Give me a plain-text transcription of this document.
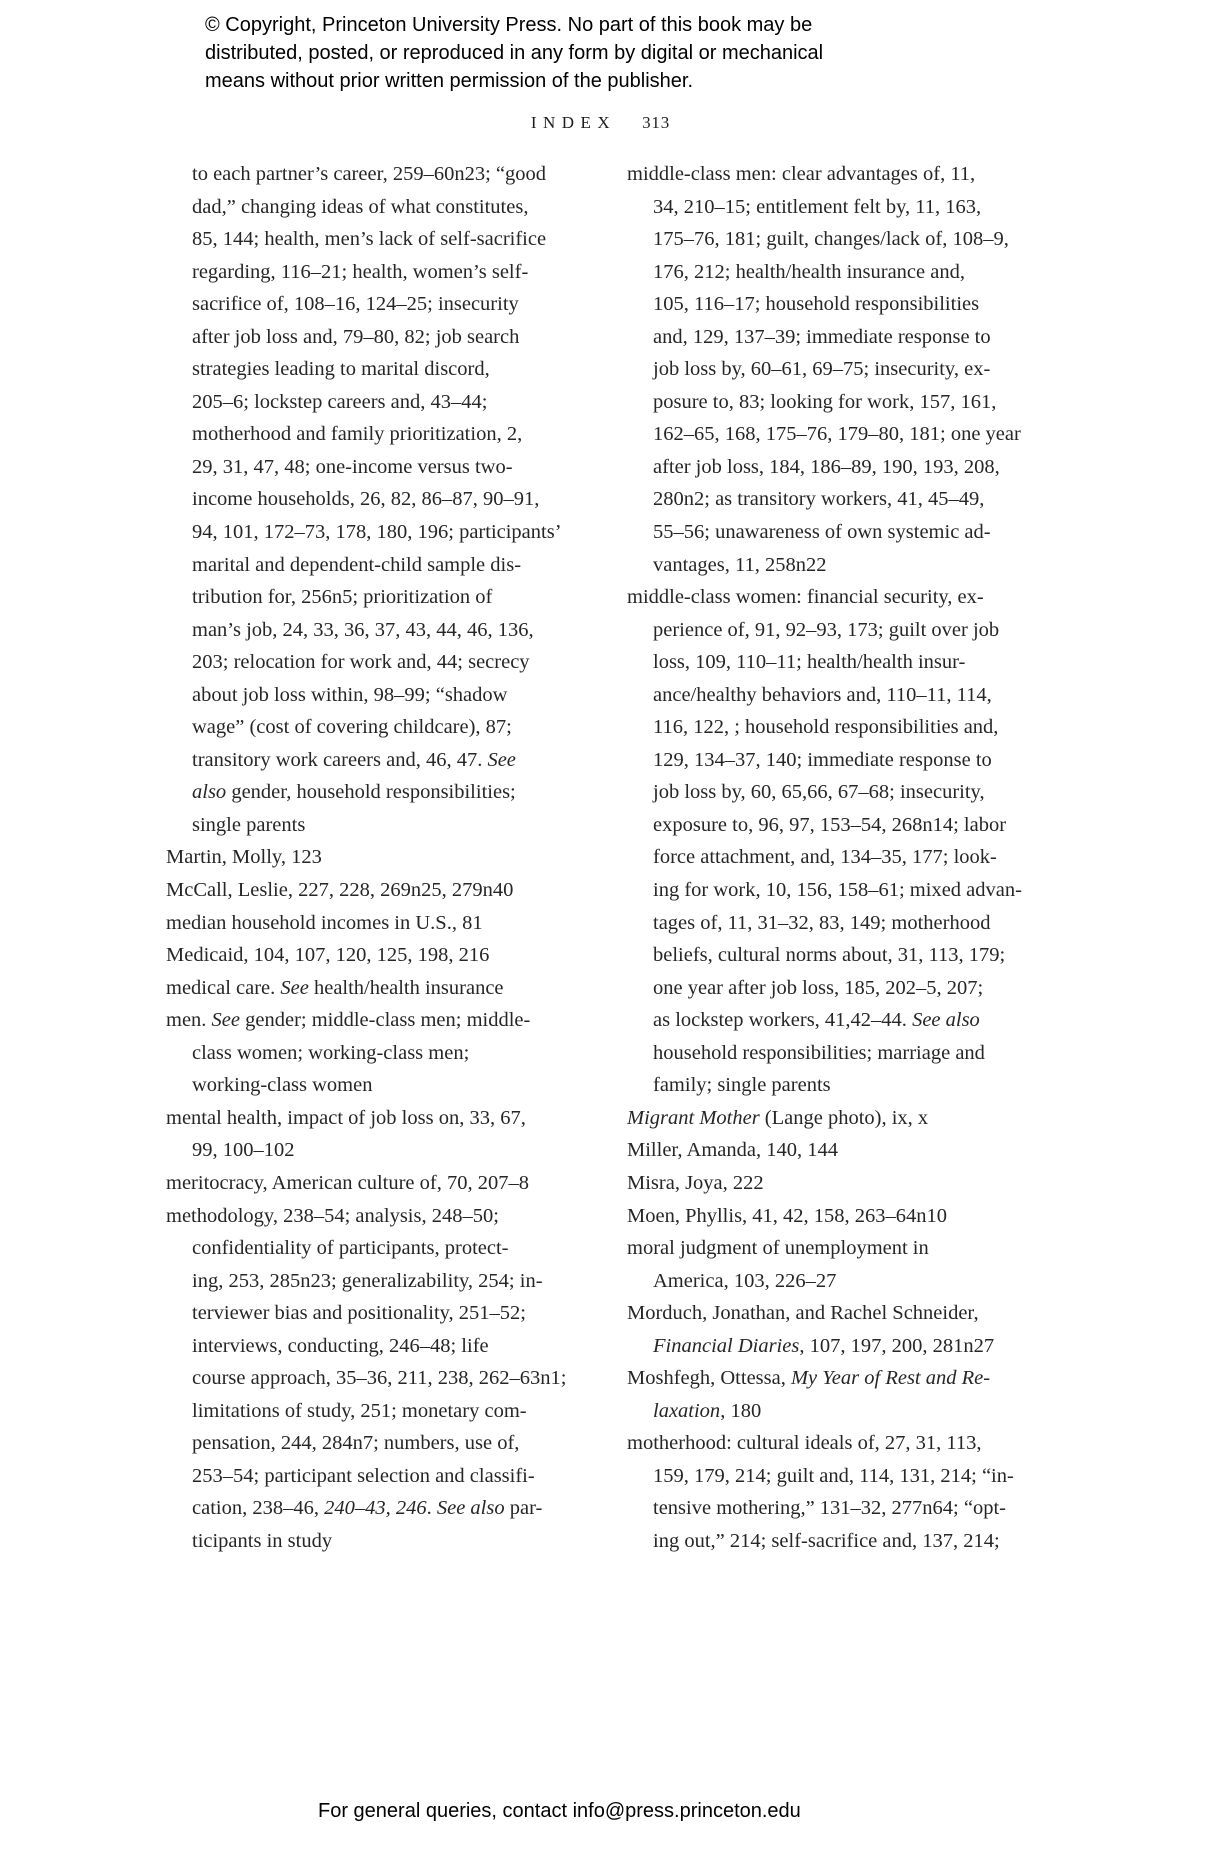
© Copyright, Princeton University Press. No part of this book may be
distributed, posted, or reproduced in any form by digital or mechanical
means without prior written permission of the publisher.
INDEX 313
to each partner’s career, 259–60n23; “good
dad,” changing ideas of what constitutes,
85, 144; health, men’s lack of self-sacrifice
regarding, 116–21; health, women’s self-
sacrifice of, 108–16, 124–25; insecurity
after job loss and, 79–80, 82; job search
strategies leading to marital discord,
205–6; lockstep careers and, 43–44;
motherhood and family prioritization, 2,
29, 31, 47, 48; one-income versus two-
income households, 26, 82, 86–87, 90–91,
94, 101, 172–73, 178, 180, 196; participants’
marital and dependent-child sample dis-
tribution for, 256n5; prioritization of
man’s job, 24, 33, 36, 37, 43, 44, 46, 136,
203; relocation for work and, 44; secrecy
about job loss within, 98–99; “shadow
wage” (cost of covering childcare), 87;
transitory work careers and, 46, 47. See
also gender, household responsibilities;
single parents
Martin, Molly, 123
McCall, Leslie, 227, 228, 269n25, 279n40
median household incomes in U.S., 81
Medicaid, 104, 107, 120, 125, 198, 216
medical care. See health/health insurance
men. See gender; middle-class men; middle-
class women; working-class men;
working-class women
mental health, impact of job loss on, 33, 67,
99, 100–102
meritocracy, American culture of, 70, 207–8
methodology, 238–54; analysis, 248–50;
confidentiality of participants, protect-
ing, 253, 285n23; generalizability, 254; in-
terviewer bias and positionality, 251–52;
interviews, conducting, 246–48; life
course approach, 35–36, 211, 238, 262–63n1;
limitations of study, 251; monetary com-
pensation, 244, 284n7; numbers, use of,
253–54; participant selection and classifi-
cation, 238–46, 240–43, 246. See also par-
ticipants in study
middle-class men: clear advantages of, 11,
34, 210–15; entitlement felt by, 11, 163,
175–76, 181; guilt, changes/lack of, 108–9,
176, 212; health/health insurance and,
105, 116–17; household responsibilities
and, 129, 137–39; immediate response to
job loss by, 60–61, 69–75; insecurity, ex-
posure to, 83; looking for work, 157, 161,
162–65, 168, 175–76, 179–80, 181; one year
after job loss, 184, 186–89, 190, 193, 208,
280n2; as transitory workers, 41, 45–49,
55–56; unawareness of own systemic ad-
vantages, 11, 258n22
middle-class women: financial security, ex-
perience of, 91, 92–93, 173; guilt over job
loss, 109, 110–11; health/health insur-
ance/healthy behaviors and, 110–11, 114,
116, 122, ; household responsibilities and,
129, 134–37, 140; immediate response to
job loss by, 60, 65,66, 67–68; insecurity,
exposure to, 96, 97, 153–54, 268n14; labor
force attachment, and, 134–35, 177; look-
ing for work, 10, 156, 158–61; mixed advan-
tages of, 11, 31–32, 83, 149; motherhood
beliefs, cultural norms about, 31, 113, 179;
one year after job loss, 185, 202–5, 207;
as lockstep workers, 41,42–44. See also
household responsibilities; marriage and
family; single parents
Migrant Mother (Lange photo), ix, x
Miller, Amanda, 140, 144
Misra, Joya, 222
Moen, Phyllis, 41, 42, 158, 263–64n10
moral judgment of unemployment in
America, 103, 226–27
Morduch, Jonathan, and Rachel Schneider,
Financial Diaries, 107, 197, 200, 281n27
Moshfegh, Ottessa, My Year of Rest and Re-
laxation, 180
motherhood: cultural ideals of, 27, 31, 113,
159, 179, 214; guilt and, 114, 131, 214; “in-
tensive mothering,” 131–32, 277n64; “opt-
ing out,” 214; self-sacrifice and, 137, 214;
For general queries, contact info@press.princeton.edu
